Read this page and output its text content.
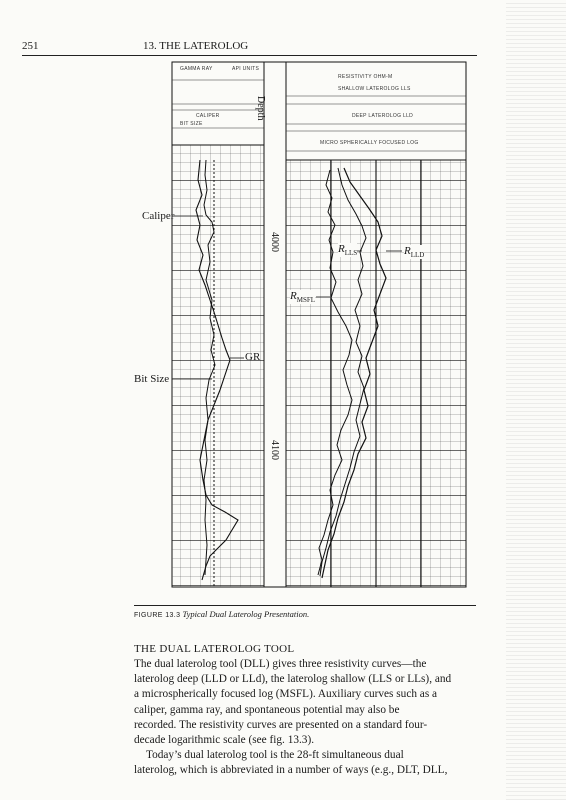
251	13. THE LATEROLOG
GAMMA RAY	API UNITS
CALIPER
BIT SIZE
Depth
4000
4100
RESISTIVITY OHM-M
SHALLOW LATEROLOG LLS
DEEP LATEROLOG LLD
MICRO SPHERICALLY FOCUSED LOG
Caliper
GR
Bit Size
$R_{LLS}$	$R_{LLD}$
$R_{MSFL}$
FIGURE 13.3 Typical Dual Laterolog Presentation.
THE DUAL LATEROLOG TOOL
The dual laterolog tool (DLL) gives three resistivity curves—the
laterolog deep (LLD or LLd), the laterolog shallow (LLS or LLs), and
a microspherically focused log (MSFL). Auxiliary curves such as a
caliper, gamma ray, and spontaneous potential may also be
recorded. The resistivity curves are presented on a standard four-
decade logarithmic scale (see fig. 13.3).
Today’s dual laterolog tool is the 28-ft simultaneous dual
laterolog, which is abbreviated in a number of ways (e.g., DLT, DLL,
